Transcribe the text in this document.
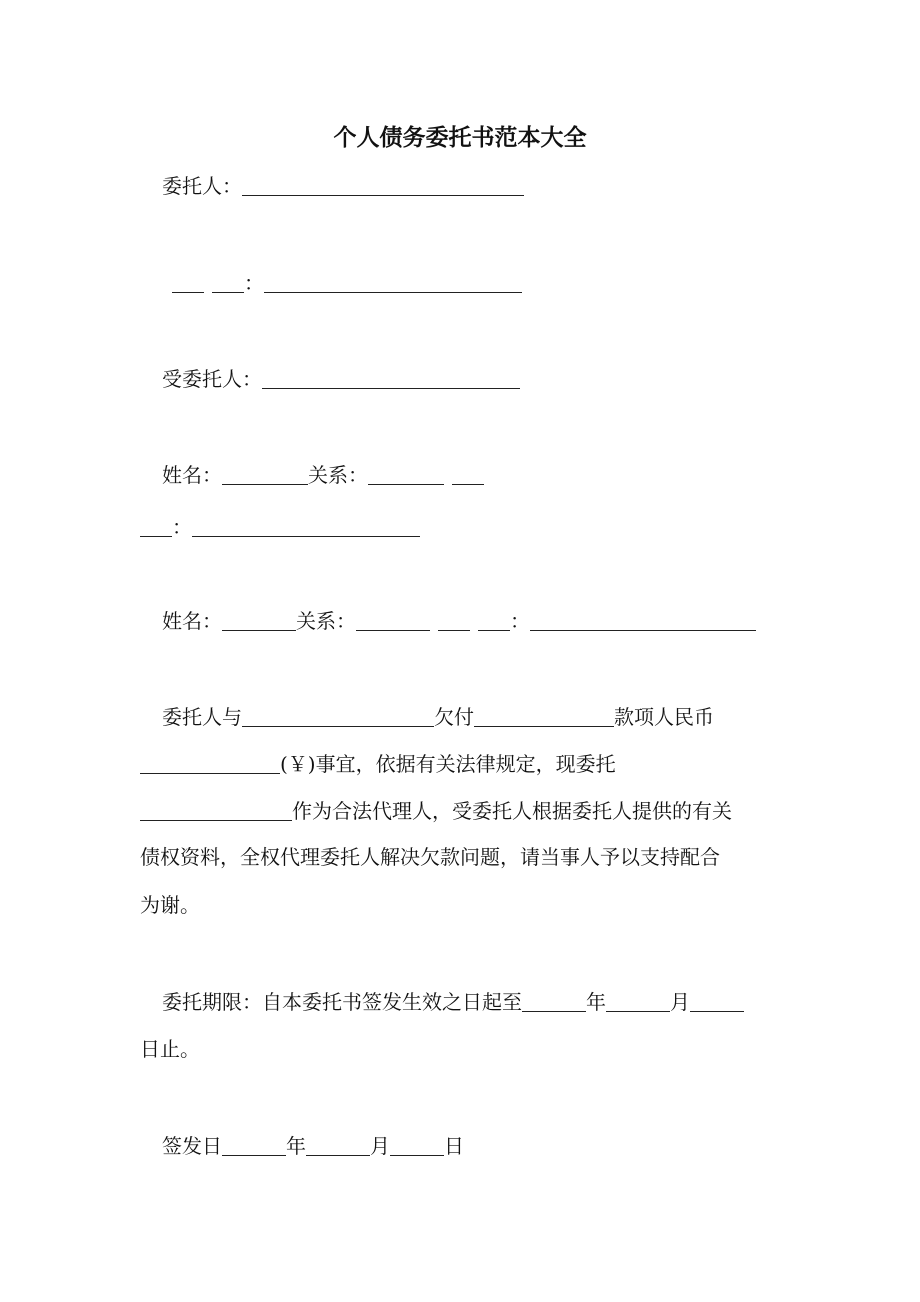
个人债务委托书范本大全
委托人：
：
受委托人：
姓名：	关系：
：
姓名：	关系：	：
委托人与	欠付	款项人民币
(￥)事宜，依据有关法律规定，现委托
作为合法代理人，受委托人根据委托人提供的有关
债权资料，全权代理委托人解决欠款问题，请当事人予以支持配合
为谢。
委托期限：自本委托书签发生效之日起至	年	月
日止。
签发日	年	月	日
